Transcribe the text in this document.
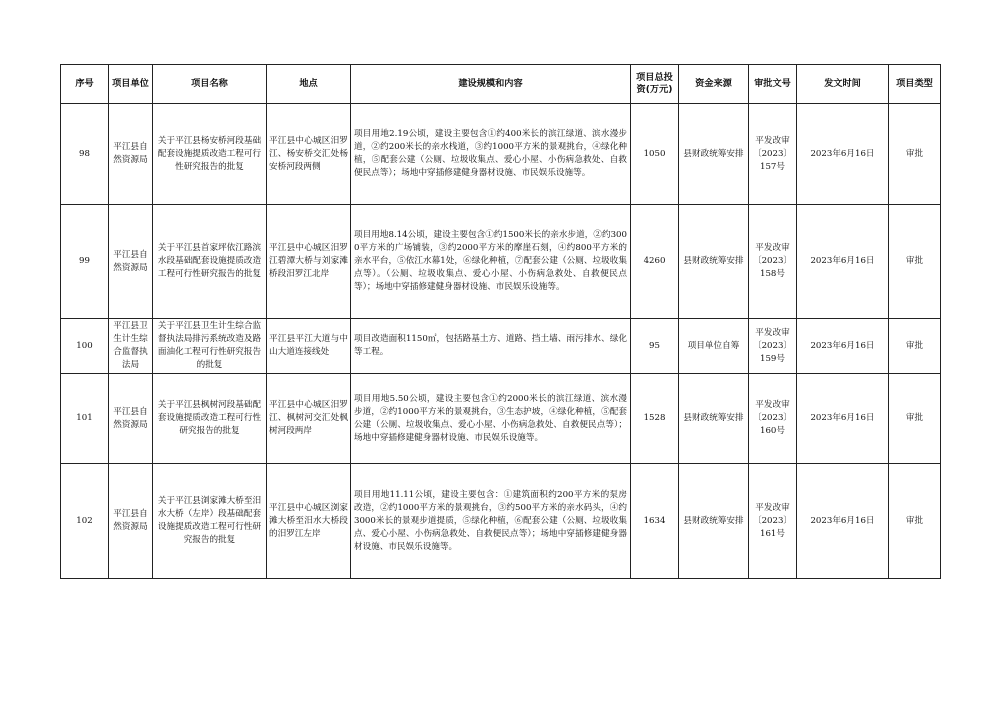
序号	项目单位	项目名称	地点	建设规模和内容	项目总投资(万元)	资金来源	审批文号	发文时间	项目类型
98	平江县自然资源局	关于平江县杨安桥河段基础配套设施提质改造工程可行性研究报告的批复	平江县中心城区汨罗江、杨安桥交汇处杨安桥河段两侧	项目用地2.19公顷，建设主要包含①约400米长的滨江绿道、滨水漫步道，②约200米长的亲水栈道，③约1000平方米的景观挑台，④绿化种植，⑤配套公建（公厕、垃圾收集点、爱心小屋、小伤病急救处、自救便民点等）；场地中穿插修建健身器材设施、市民娱乐设施等。	1050	县财政统筹安排	平发改审〔2023〕157号	2023年6月16日	审批
99	平江县自然资源局	关于平江县首家坪依江路滨水段基础配套设施提质改造工程可行性研究报告的批复	平江县中心城区汨罗江碧潭大桥与刘家滩桥段汨罗江北岸	项目用地8.14公顷，建设主要包含①约1500米长的亲水步道，②约3000平方米的广场铺装，③约2000平方米的摩崖石刻，④约800平方米的亲水平台，⑤依江水幕1处，⑥绿化种植，⑦配套公建（公厕、垃圾收集点等）。（公厕、垃圾收集点、爱心小屋、小伤病急救处、自救便民点等）；场地中穿插修建健身器材设施、市民娱乐设施等。	4260	县财政统筹安排	平发改审〔2023〕158号	2023年6月16日	审批
100	平江县卫生计生综合监督执法局	关于平江县卫生计生综合监督执法局排污系统改造及路面油化工程可行性研究报告的批复	平江县平江大道与中山大道连接线处	项目改造面积1150㎡，包括路基土方、道路、挡土墙、雨污排水、绿化等工程。	95	项目单位自筹	平发改审〔2023〕159号	2023年6月16日	审批
101	平江县自然资源局	关于平江县枫树河段基础配套设施提质改造工程可行性研究报告的批复	平江县中心城区汨罗江、枫树河交汇处枫树河段两岸	项目用地5.50公顷，建设主要包含①约2000米长的滨江绿道、滨水漫步道，②约1000平方米的景观挑台，③生态护坡，④绿化种植，⑤配套公建（公厕、垃圾收集点、爱心小屋、小伤病急救处、自救便民点等）；场地中穿插修建健身器材设施、市民娱乐设施等。	1528	县财政统筹安排	平发改审〔2023〕160号	2023年6月16日	审批
102	平江县自然资源局	关于平江县浏家滩大桥至汨水大桥（左岸）段基础配套设施提质改造工程可行性研究报告的批复	平江县中心城区浏家滩大桥至汨水大桥段的汨罗江左岸	项目用地11.11公顷，建设主要包含：①建筑面积约200平方米的泵房改造，②约1000平方米的景观挑台，③约500平方米的亲水码头，④约3000米长的景观步道提质，⑤绿化种植，⑥配套公建（公厕、垃圾收集点、爱心小屋、小伤病急救处、自救便民点等）；场地中穿插修建健身器材设施、市民娱乐设施等。	1634	县财政统筹安排	平发改审〔2023〕161号	2023年6月16日	审批
